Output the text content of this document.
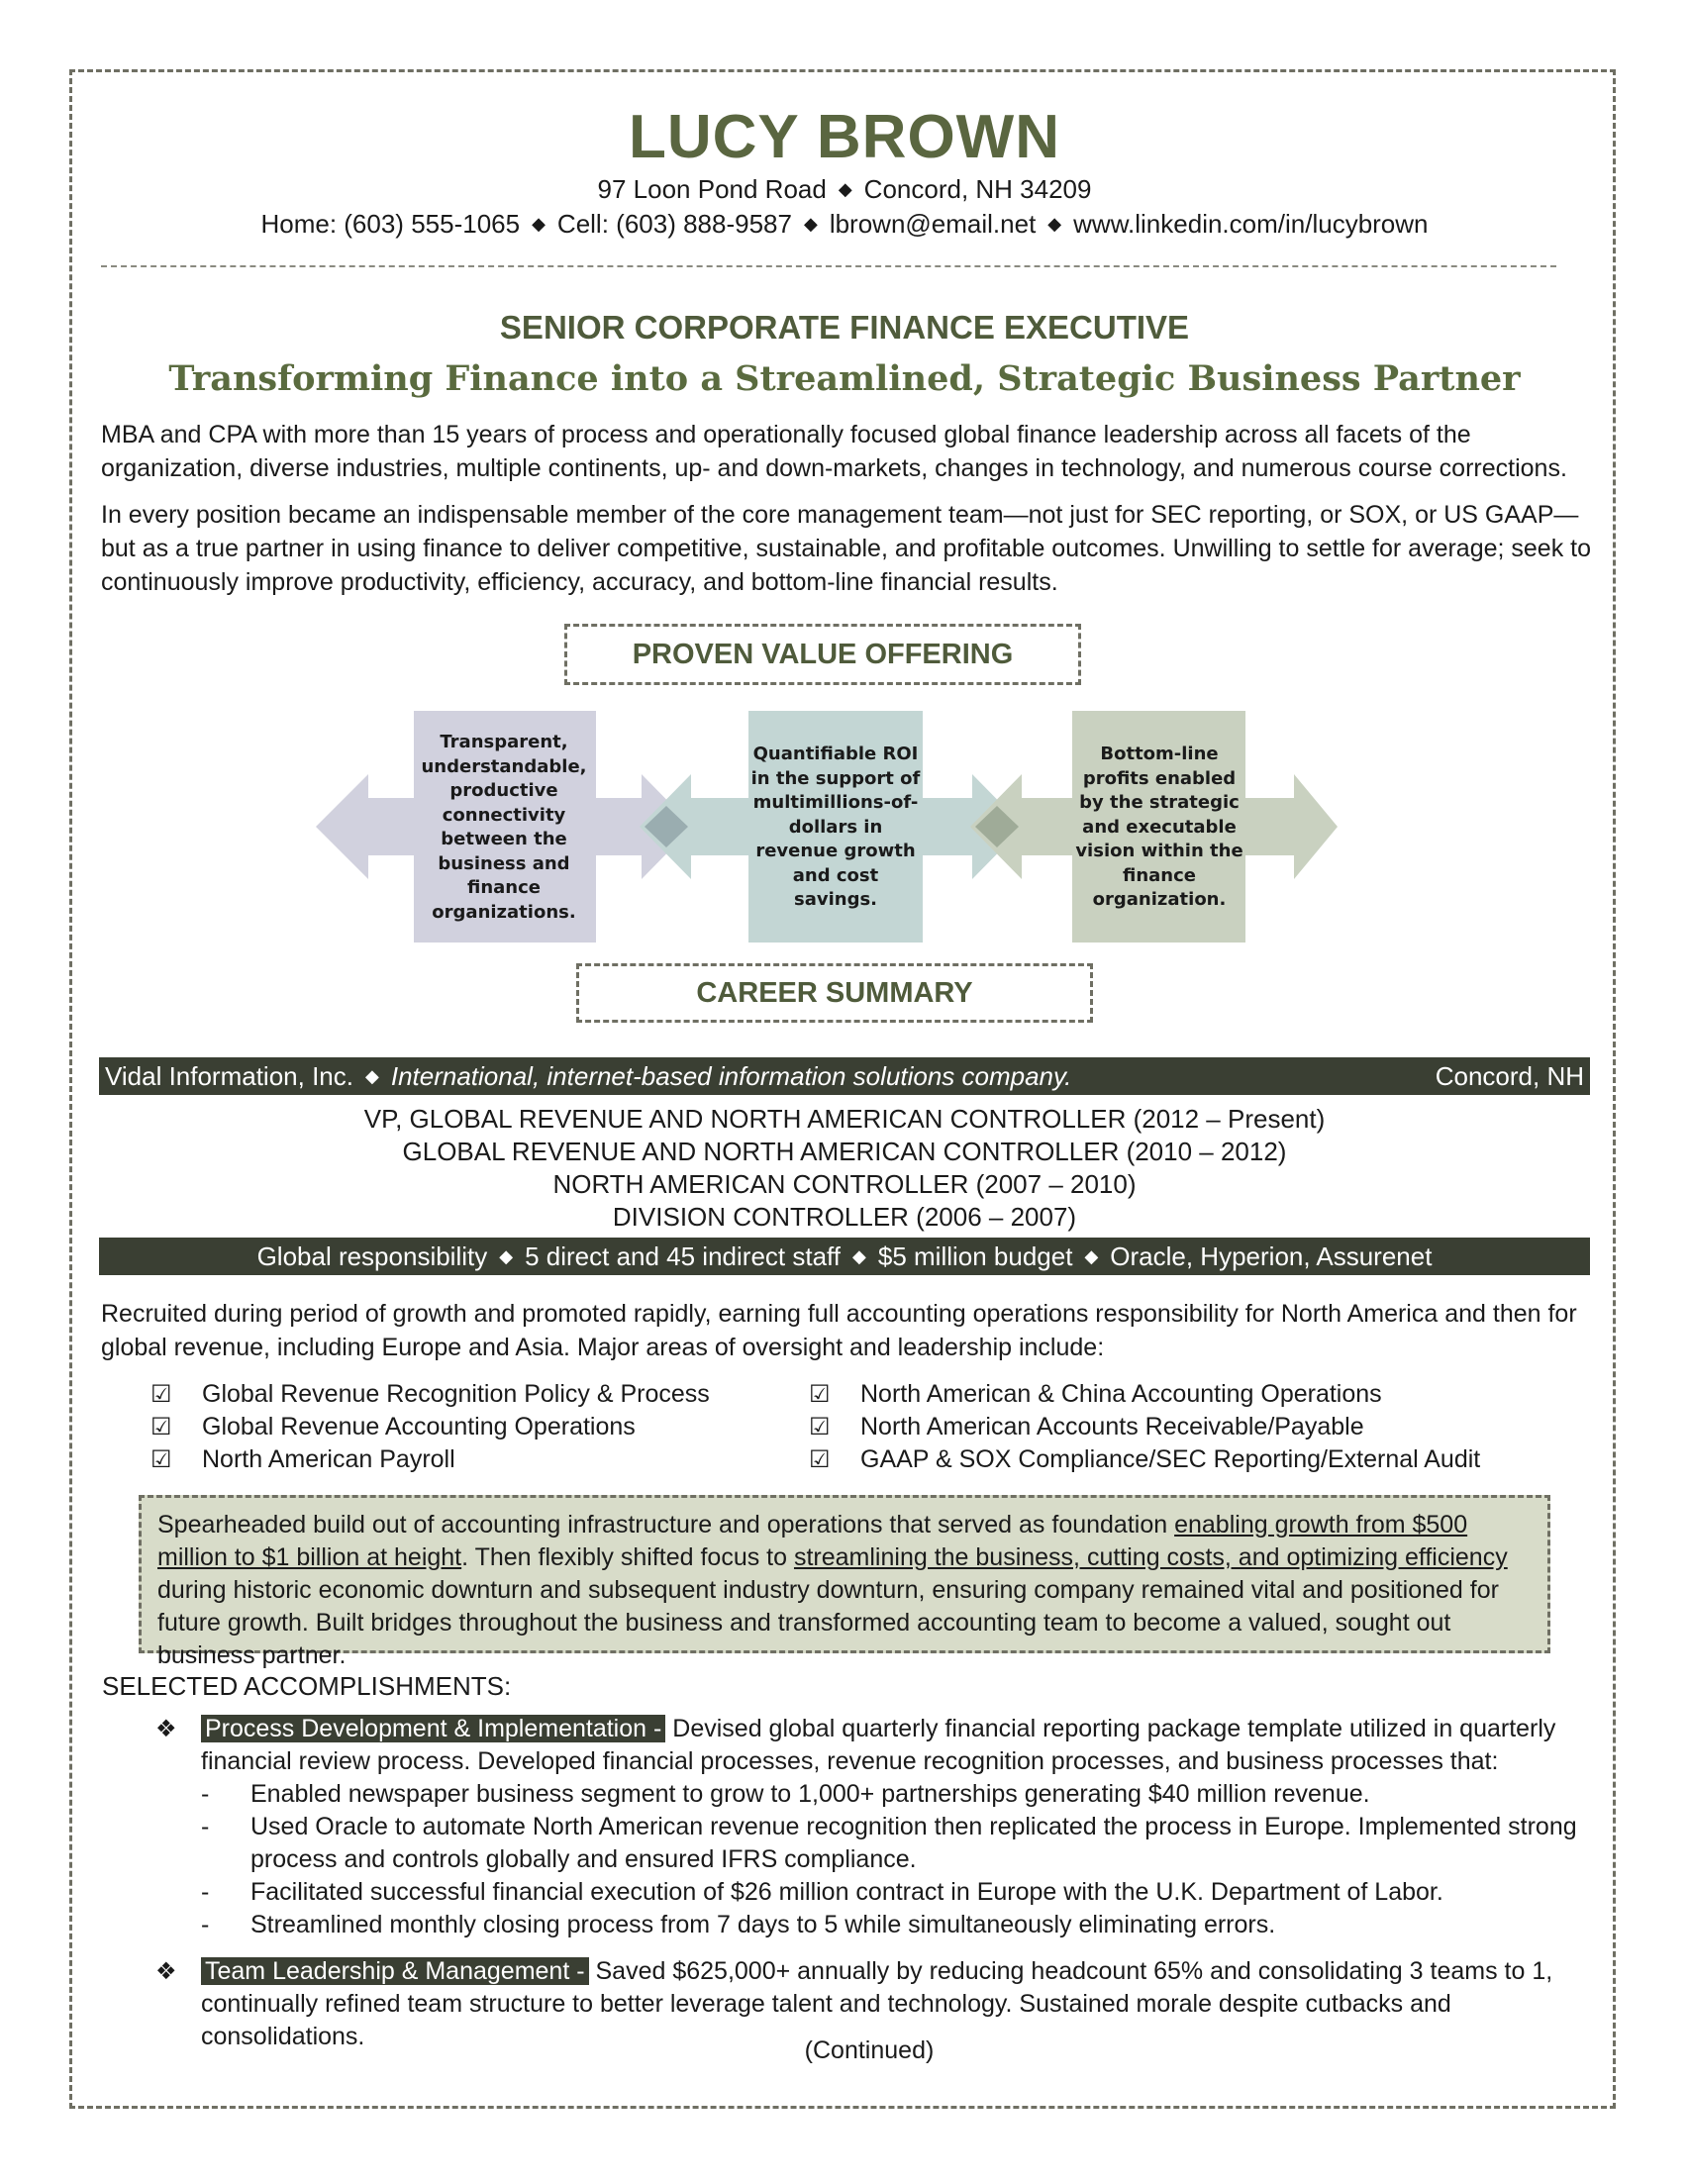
LUCY BROWN
97 Loon Pond Road ◆ Concord, NH 34209
Home: (603) 555-1065 ◆ Cell: (603) 888-9587 ◆ lbrown@email.net ◆ www.linkedin.com/in/lucybrown
SENIOR CORPORATE FINANCE EXECUTIVE
Transforming Finance into a Streamlined, Strategic Business Partner
MBA and CPA with more than 15 years of process and operationally focused global finance leadership across all facets of the organization, diverse industries, multiple continents, up- and down-markets, changes in technology, and numerous course corrections.
In every position became an indispensable member of the core management team—not just for SEC reporting, or SOX, or US GAAP—but as a true partner in using finance to deliver competitive, sustainable, and profitable outcomes. Unwilling to settle for average; seek to continuously improve productivity, efficiency, accuracy, and bottom-line financial results.
PROVEN VALUE OFFERING
Transparent, understandable, productive connectivity between the business and finance organizations.
Quantifiable ROI in the support of multimillions-of-dollars in revenue growth and cost savings.
Bottom-line profits enabled by the strategic and executable vision within the finance organization.
CAREER SUMMARY
Vidal Information, Inc. ◆ International, internet-based information solutions company.	Concord, NH
VP, GLOBAL REVENUE AND NORTH AMERICAN CONTROLLER (2012 – Present)
GLOBAL REVENUE AND NORTH AMERICAN CONTROLLER (2010 – 2012)
NORTH AMERICAN CONTROLLER (2007 – 2010)
DIVISION CONTROLLER (2006 – 2007)
Global responsibility ◆ 5 direct and 45 indirect staff ◆ $5 million budget ◆ Oracle, Hyperion, Assurenet
Recruited during period of growth and promoted rapidly, earning full accounting operations responsibility for North America and then for global revenue, including Europe and Asia. Major areas of oversight and leadership include:
☑ Global Revenue Recognition Policy & Process
☑ Global Revenue Accounting Operations
☑ North American Payroll
☑ North American & China Accounting Operations
☑ North American Accounts Receivable/Payable
☑ GAAP & SOX Compliance/SEC Reporting/External Audit
Spearheaded build out of accounting infrastructure and operations that served as foundation enabling growth from $500 million to $1 billion at height. Then flexibly shifted focus to streamlining the business, cutting costs, and optimizing efficiency during historic economic downturn and subsequent industry downturn, ensuring company remained vital and positioned for future growth. Built bridges throughout the business and transformed accounting team to become a valued, sought out business partner.
SELECTED ACCOMPLISHMENTS:
❖ Process Development & Implementation - Devised global quarterly financial reporting package template utilized in quarterly financial review process. Developed financial processes, revenue recognition processes, and business processes that:
- Enabled newspaper business segment to grow to 1,000+ partnerships generating $40 million revenue.
- Used Oracle to automate North American revenue recognition then replicated the process in Europe. Implemented strong process and controls globally and ensured IFRS compliance.
- Facilitated successful financial execution of $26 million contract in Europe with the U.K. Department of Labor.
- Streamlined monthly closing process from 7 days to 5 while simultaneously eliminating errors.
❖ Team Leadership & Management - Saved $625,000+ annually by reducing headcount 65% and consolidating 3 teams to 1, continually refined team structure to better leverage talent and technology. Sustained morale despite cutbacks and consolidations.	(Continued)
